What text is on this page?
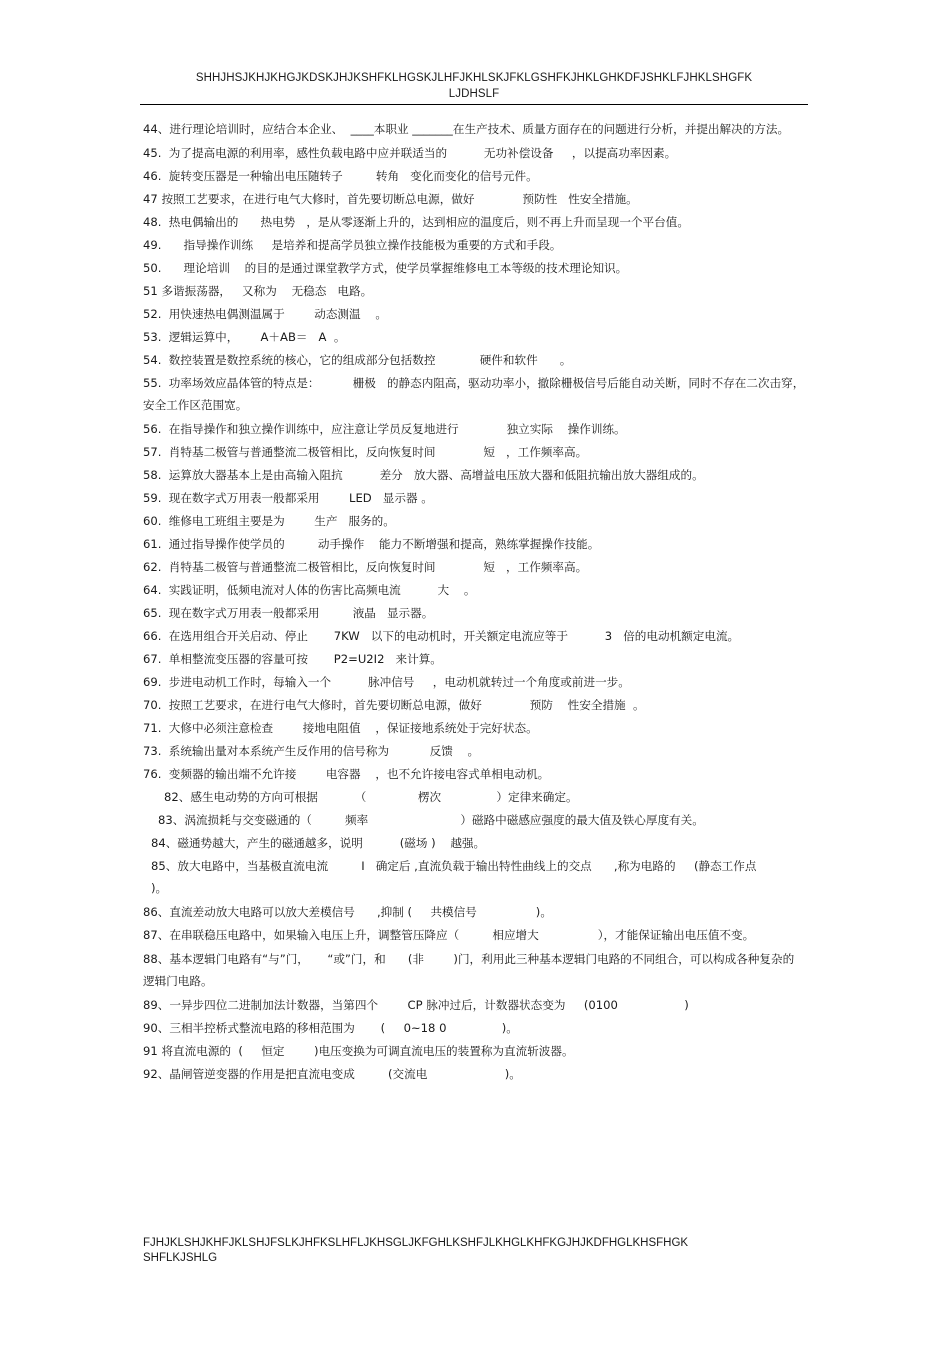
SHHJHSJKHJKHGJKDSKJHJKSHFKLHGSKJLHFJKHLSKJFKLGSHFKJHKLGHKDFJSHKLFJHKLSHGFK
LJDHSLF
44、进行理论培训时，应结合本企业、  ____本职业 _______在生产技术、质量方面存在的问题进行分析，并提出解决的方法。
45.  为了提高电源的利用率，感性负载电路中应并联适当的          无功补偿设备     ，以提高功率因素。
46.  旋转变压器是一种输出电压随转子         转角   变化而变化的信号元件。
47 按照工艺要求，在进行电气大修时，首先要切断总电源，做好             预防性   性安全措施。
48.  热电偶输出的      热电势   ，是从零逐渐上升的，达到相应的温度后，则不再上升而呈现一个平台值。
49.      指导操作训练     是培养和提高学员独立操作技能极为重要的方式和手段。
50.      理论培训    的目的是通过课堂教学方式，使学员掌握维修电工本等级的技术理论知识。
51 多谐振荡器，   又称为    无稳态   电路。
52.  用快速热电偶测温属于        动态测温    。
53.  逻辑运算中，      A＋AB＝   A  。
54.  数控装置是数控系统的核心，它的组成部分包括数控            硬件和软件      。
55.  功率场效应晶体管的特点是：         栅极   的静态内阻高，驱动功率小，撤除栅极信号后能自动关断，同时不存在二次击穿，安全工作区范围宽。
56.  在指导操作和独立操作训练中，应注意让学员反复地进行             独立实际    操作训练。
57.  肖特基二极管与普通整流二极管相比，反向恢复时间             短   ，工作频率高。
58.  运算放大器基本上是由高输入阻抗          差分   放大器、高增益电压放大器和低阻抗输出放大器组成的。
59.  现在数字式万用表一般都采用        LED   显示器 。
60.  维修电工班组主要是为        生产   服务的。
61.  通过指导操作使学员的         动手操作    能力不断增强和提高，熟练掌握操作技能。
62.  肖特基二极管与普通整流二极管相比，反向恢复时间             短   ，工作频率高。
64.  实践证明，低频电流对人体的伤害比高频电流          大    。
65.  现在数字式万用表一般都采用         液晶   显示器。
66.  在选用组合开关启动、停止       7KW   以下的电动机时，开关额定电流应等于          3   倍的电动机额定电流。
67.  单相整流变压器的容量可按       P2=U2I2   来计算。
69.  步进电动机工作时，每输入一个          脉冲信号     ，电动机就转过一个角度或前进一步。
70.  按照工艺要求，在进行电气大修时，首先要切断总电源，做好             预防    性安全措施  。
71.  大修中必须注意检查        接地电阻值    ，保证接地系统处于完好状态。
73.  系统输出量对本系统产生反作用的信号称为           反馈    。
76.  变频器的输出端不允许接        电容器    ，也不允许接电容式单相电动机。
82、感生电动势的方向可根据          （              楞次               ）定律来确定。
83、涡流损耗与交变磁通的（         频率                         ）磁路中磁感应强度的最大值及铁心厚度有关。
84、磁通势越大，产生的磁通越多，说明          (磁场 )    越强。
85、放大电路中，当基极直流电流         I   确定后 ,直流负载于输出特性曲线上的交点      ,称为电路的     (静态工作点          )。
86、直流差动放大电路可以放大差模信号      ,抑制 (     共模信号                )。
87、在串联稳压电路中，如果输入电压上升，调整管压降应（         相应增大                ），才能保证输出电压值不变。
88、基本逻辑门电路有“与”门，     “或”门，和      (非        )门，利用此三种基本逻辑门电路的不同组合，可以构成各种复杂的逻辑门电路。
89、一异步四位二进制加法计数器，当第四个        CP 脉冲过后，计数器状态变为     (0100                  )
90、三相半控桥式整流电路的移相范围为       (     0~18 0               )。
91 将直流电源的  (     恒定        )电压变换为可调直流电压的装置称为直流斩波器。
92、晶闸管逆变器的作用是把直流电变成         (交流电                     )。
FJHJKLSHJKHFJKLSHJFSLKJHFKSLHFLJKHSGLJKFGHLKSHFJLKHGLKHFKGJHJKDFHGLKHSFHGK
SHFLKJSHLG
